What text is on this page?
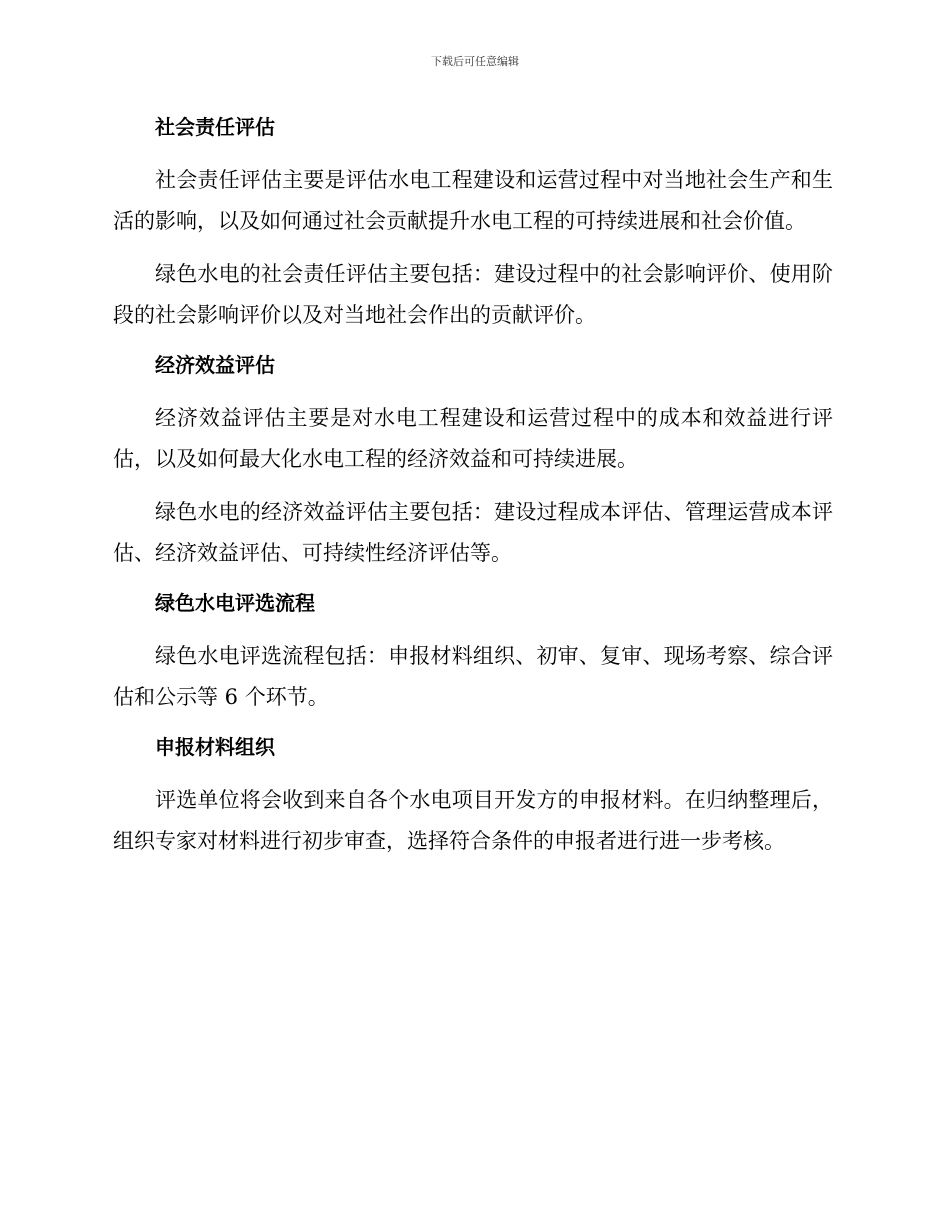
下载后可任意编辑
社会责任评估

社会责任评估主要是评估水电工程建设和运营过程中对当地社会生产和生活的影响，以及如何通过社会贡献提升水电工程的可持续进展和社会价值。

绿色水电的社会责任评估主要包括：建设过程中的社会影响评价、使用阶段的社会影响评价以及对当地社会作出的贡献评价。

经济效益评估

经济效益评估主要是对水电工程建设和运营过程中的成本和效益进行评估，以及如何最大化水电工程的经济效益和可持续进展。

绿色水电的经济效益评估主要包括：建设过程成本评估、管理运营成本评估、经济效益评估、可持续性经济评估等。

绿色水电评选流程

绿色水电评选流程包括：申报材料组织、初审、复审、现场考察、综合评估和公示等 6 个环节。

申报材料组织

评选单位将会收到来自各个水电项目开发方的申报材料。在归纳整理后，组织专家对材料进行初步审查，选择符合条件的申报者进行进一步考核。
